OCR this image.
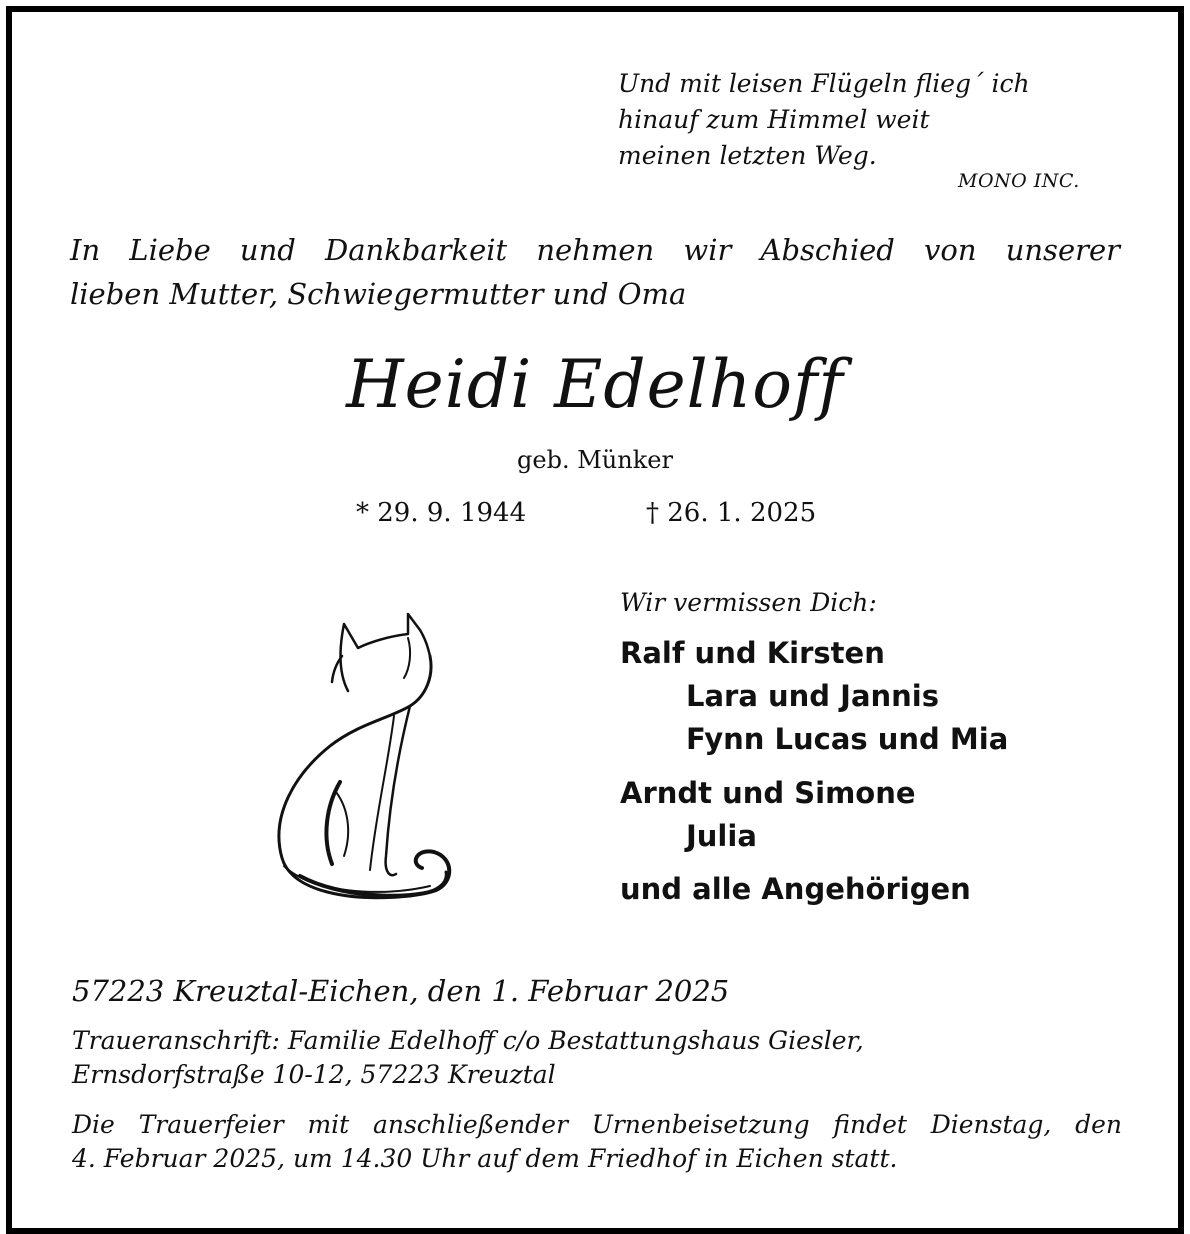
Und mit leisen Flügeln flieg´ ich
hinauf zum Himmel weit
meinen letzten Weg.
MONO INC.

In Liebe und Dankbarkeit nehmen wir Abschied von unserer

lieben Mutter, Schwiegermutter und Oma

Heidi Edelhoff
geb. Münker
* 29. 9. 1944	† 26. 1. 2025
Wir vermissen Dich:
Ralf und Kirsten
Lara und Jannis
Fynn Lucas und Mia
Arndt und Simone
Julia
und alle Angehörigen
57223 Kreuztal-Eichen, den 1. Februar 2025

Traueranschrift: Familie Edelhoff c/o Bestattungshaus Giesler,

Ernsdorfstraße 10-12, 57223 Kreuztal

Die Trauerfeier mit anschließender Urnenbeisetzung findet Dienstag, den

4. Februar 2025, um 14.30 Uhr auf dem Friedhof in Eichen statt.
